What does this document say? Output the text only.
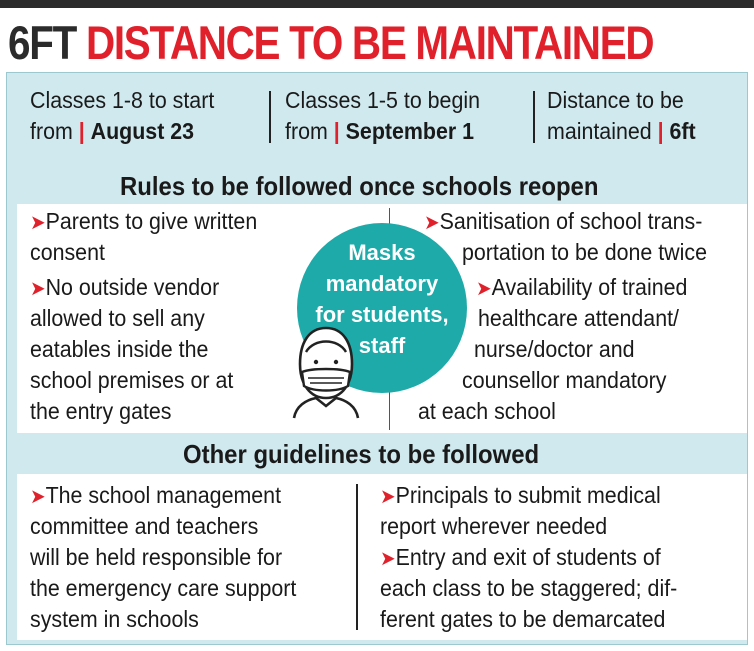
6FT DISTANCE TO BE MAINTAINED
Classes 1-8 to start
from | August 23
Classes 1-5 to begin
from | September 1
Distance to be
maintained | 6ft
Rules to be followed once schools reopen
➤Parents to give written
consent
➤No outside vendor
allowed to sell any
eatables inside the
school premises or at
the entry gates
➤Sanitisation of school trans-
portation to be done twice
➤Availability of trained
healthcare attendant/
nurse/doctor and
counsellor mandatory
at each school
Masks
mandatory
for students,
staff
Other guidelines to be followed
➤The school management
committee and teachers
will be held responsible for
the emergency care support
system in schools
➤Principals to submit medical
report wherever needed
➤Entry and exit of students of
each class to be staggered; dif-
ferent gates to be demarcated
